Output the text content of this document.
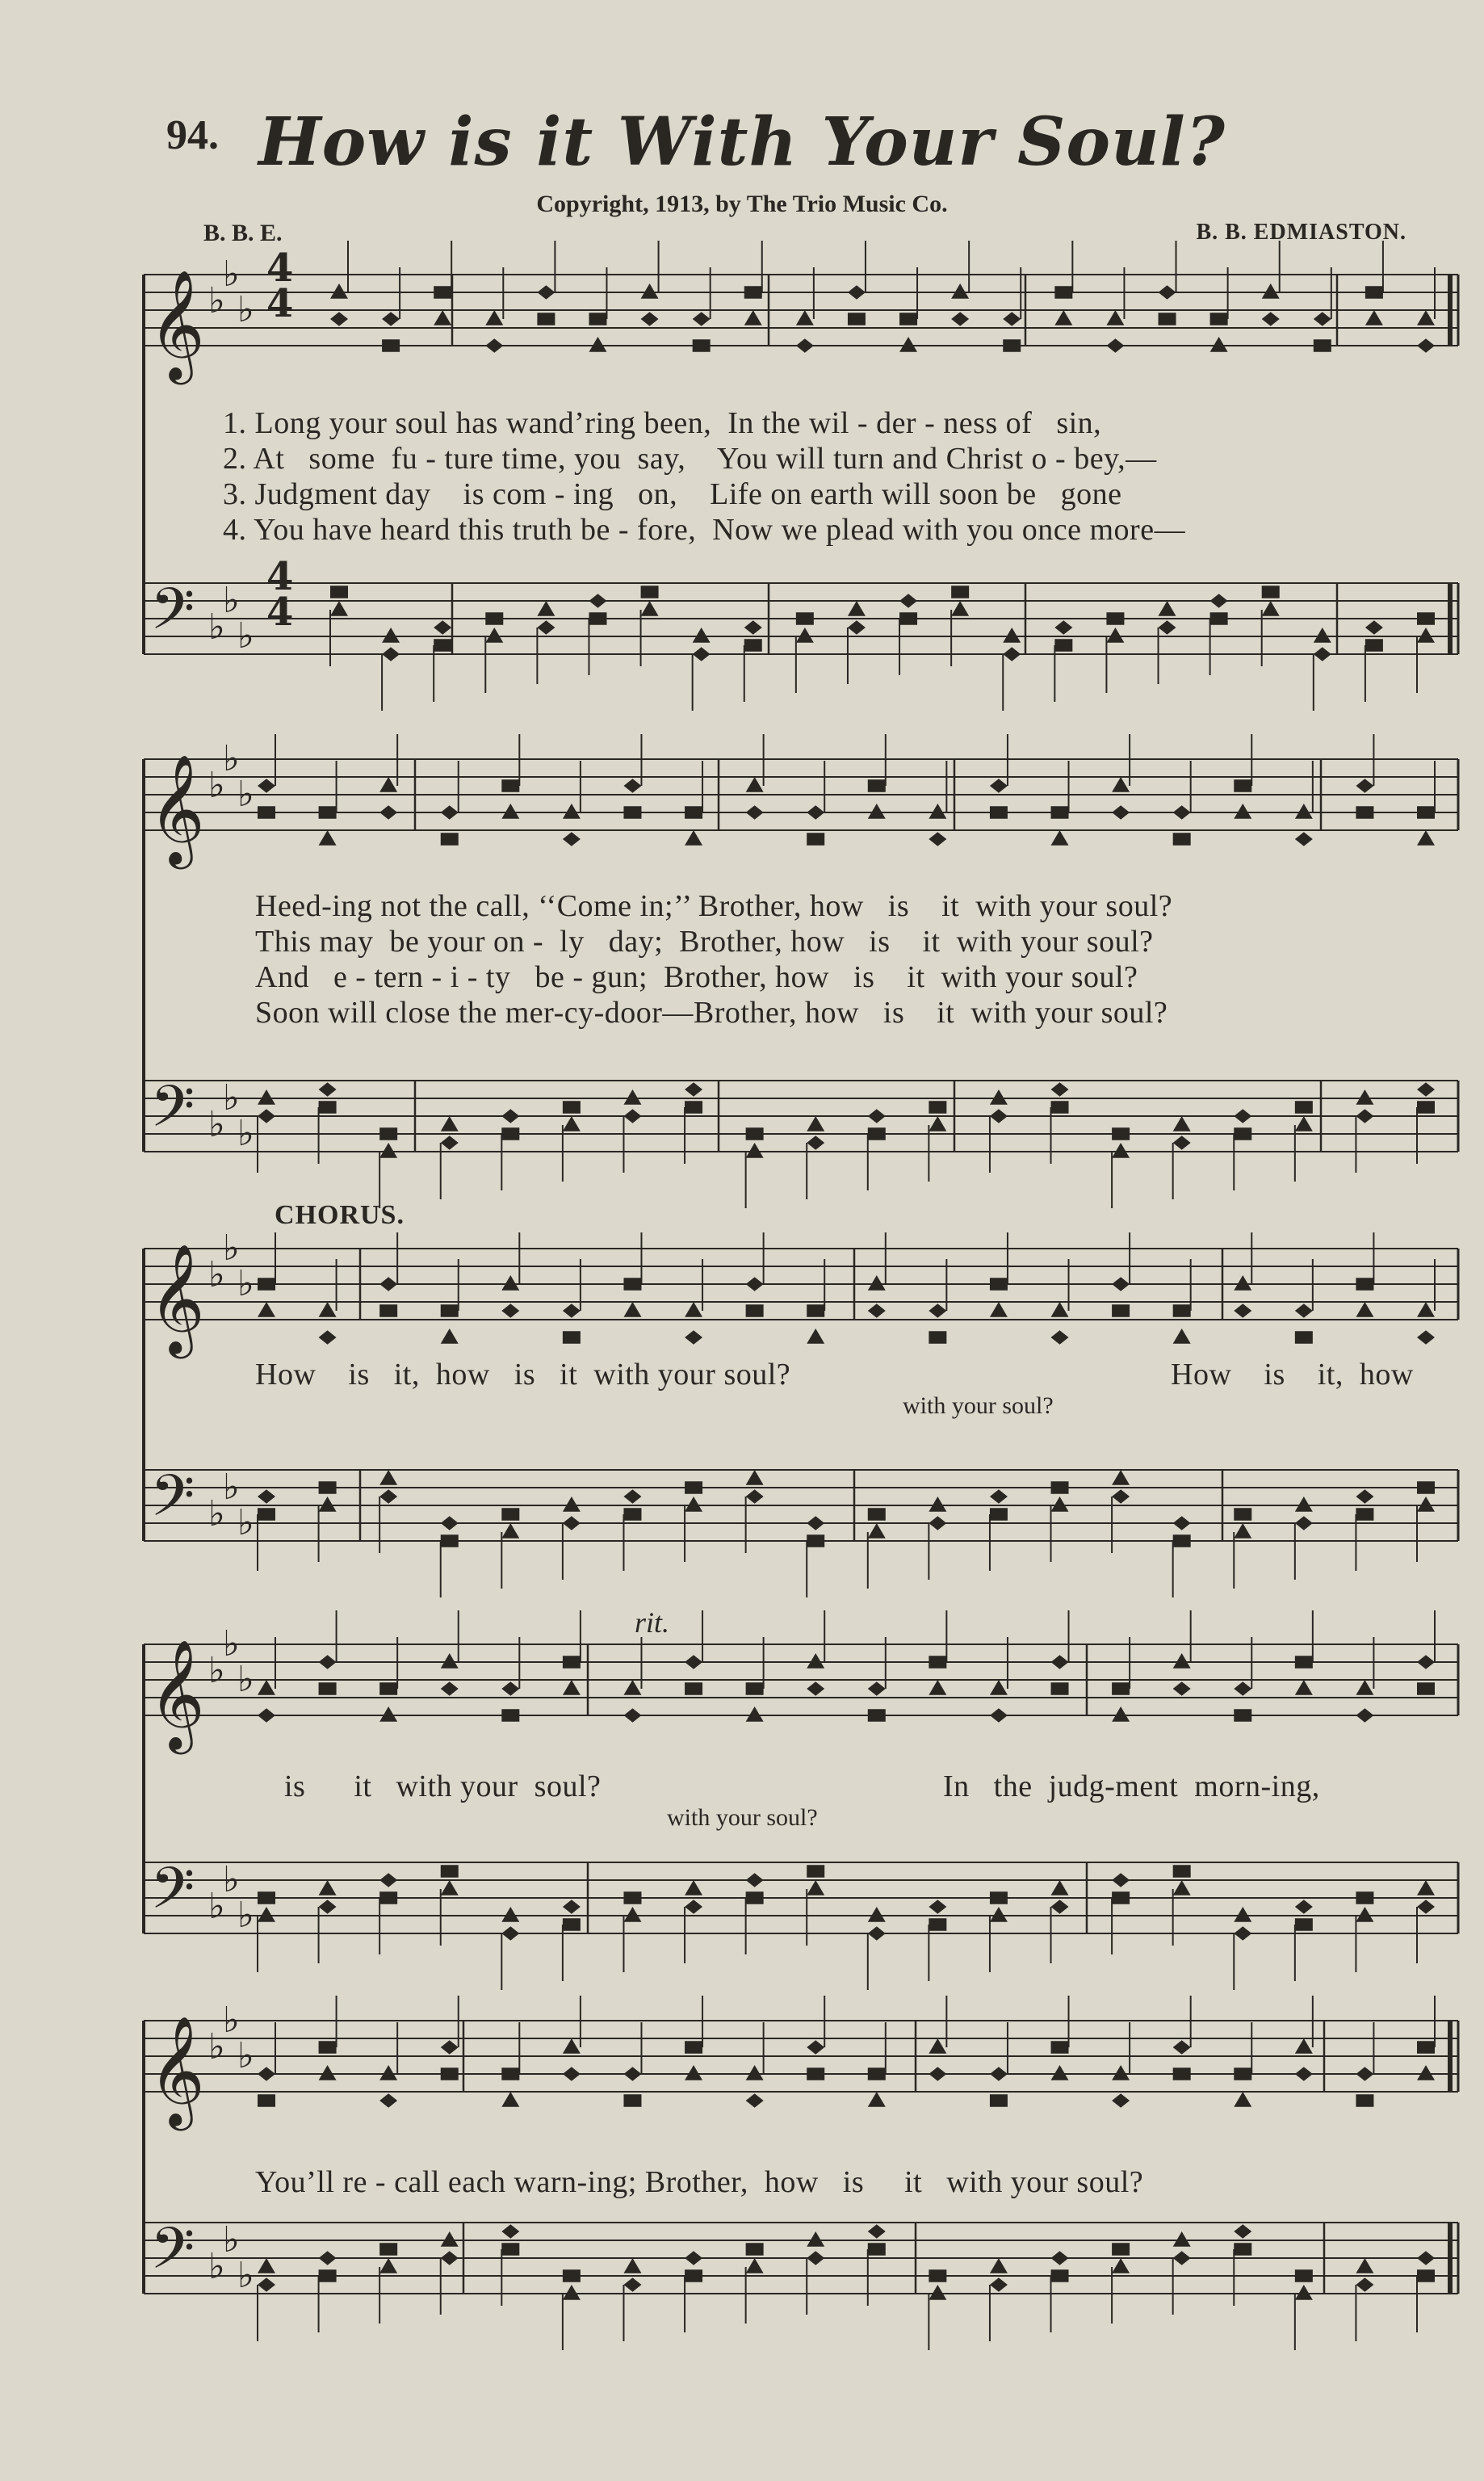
94. How is it With Your Soul?
Copyright, 1913, by The Trio Music Co.
B. B. E.	B. B. EDMIASTON.
𝄞
𝄢
♭
♭
♭
♭
♭
♭
𝄞
𝄢
♭
♭
♭
♭
♭
♭
𝄞
𝄢
♭
♭
♭
♭
♭
♭
𝄞
𝄢
♭
♭
♭
♭
♭
♭
𝄞
𝄢
♭
♭
♭
♭
♭
♭
4
4
4
4
1. Long your soul has wand’ring been,  In the wil - der - ness of   sin,
2. At   some  fu - ture time, you  say,    You will turn and Christ o - bey,—
3. Judgment day    is com - ing   on,    Life on earth will soon be   gone
4. You have heard this truth be - fore,  Now we plead with you once more—
Heed-ing not the call, ‘‘Come in;’’ Brother, how   is    it  with your soul?
This may  be your on -  ly   day;  Brother, how   is    it  with your soul?
And   e - tern - i - ty   be - gun;  Brother, how   is    it  with your soul?
Soon will close the mer-cy-door—Brother, how   is    it  with your soul?
CHORUS.
How    is   it,  how   is   it  with your soul?	How    is    it,  how
with your soul?
rit.
is      it   with your  soul?	In   the  judg-ment  morn-ing,
with your soul?
You’ll re - call each warn-ing; Brother,  how   is     it   with your soul?
